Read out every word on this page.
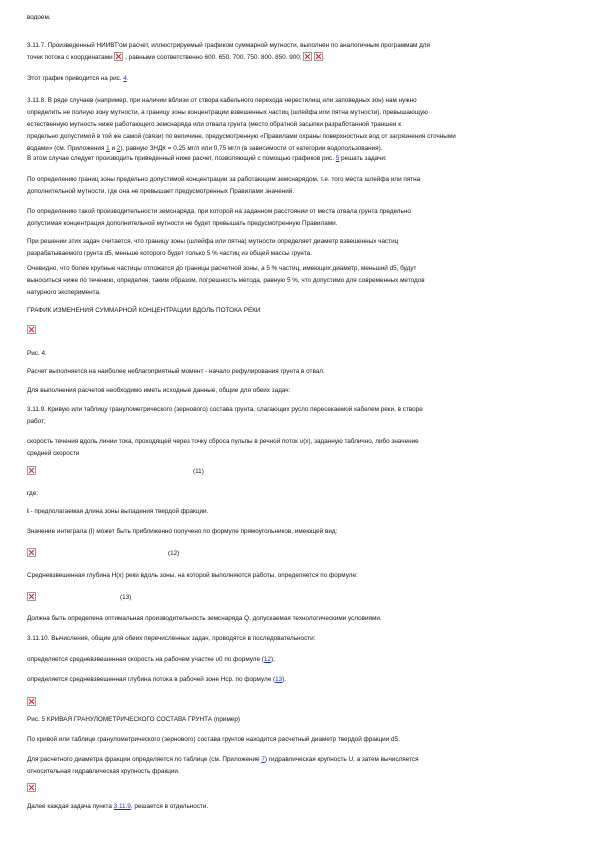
водоем.

3.11.7. Произведенный НИИВТ'ом расчет, иллюстрируемый графиком суммарной мутности, выполнен по аналогичным программам для
точек потока с координатами , равными соответственно 600. 650. 700. 750. 800. 850. 900;	.
Этот график приводится на рис. 4.
3.11.8. В ряде случаев (например, при наличии вблизи от створа кабельного перехода нерестилищ или заповедных зон) нам нужно
определить не полную зону мутности, а границу зоны концентрации взвешенных частиц (шлейфа или пятна мутности), превышающую
естественную мутность ниже работающего земснаряда или отвала грунта (место обратной засыпки разработанной траншеи к
предельно допустимой в той же самой (связи) по величине, предусмотренную «Правилами охраны поверхностных вод от загрязнения сточными
водами» (см. Приложения 1 и 2), равную ЗНДК = 0,25 мг/л или 0,75 мг/л (в зависимости от категории водопользования).
В этом случае следует производить приведенный ниже расчет, позволяющий с помощью графиков рис. 5 решать задачи:
По определению границ зоны предельно допустимой концентрации за работающим земснарядом, т.е. того места шлейфа или пятна
дополнительной мутности, где она не превышает предусмотренных Правилами значений.
По определению такой производительности земснаряда, при которой на заданном расстоянии от места отвала грунта предельно
допустимая концентрация дополнительной мутности не будет превышать предусмотренную Правилами.
При решении этих задач считается, что границу зоны (шлейфа или пятна) мутности определяет диаметр взвешенных частиц
разрабатываемого грунта d5, меньше которого будет только 5 % частиц из общей массы грунта.
Очевидно, что более крупные частицы отложатся до границы расчетной зоны, а 5 % частиц, имеющих диаметр, меньший d5, будут
выноситься ниже по течению, определяя, таким образом, погрешность метода, равную 5 %, что допустимо для современных методов
натурного эксперимента.
ГРАФИК ИЗМЕНЕНИЯ СУММАРНОЙ КОНЦЕНТРАЦИИ ВДОЛЬ ПОТОКА РЕКИ
Рис. 4.
Расчет выполняется на наиболее неблагоприятный момент - начало рефулирования грунта в отвал.
Для выполнения расчетов необходимо иметь исходные данные, общие для обеих задач:
3.11.9. Кривую или таблицу гранулометрического (зернового) состава грунта, слагающих русло пересекаемой кабелем реки, в створе
работ;
скорость течения вдоль линии тока, проходящей через точку сброса пульпы в речной поток υ(x), заданную таблично, либо значение
средней скорости
(11)
где:
i - предполагаемая длина зоны выпадения твердой фракции.
Значение интеграла (I) может быть приближенно получено по формуле прямоугольников, имеющей вид:
(12)
Средневзвешенная глубина H(x) реки вдоль зоны, на которой выполняются работы, определяется по формуле:
(13)
Должна быть определена оптимальная производительность земснаряда Q, допускаемая технологическими условиями.
3.11.10. Вычисления, общие для обеих перечисленных задач, проводятся в последовательности:
определяется средневзвешенная скорость на рабочем участке υ0 по формуле (12);
определяется средневзвешенная глубина потока в рабочей зоне Hср. по формуле (13).
Рис. 5 КРИВАЯ ГРАНУЛОМЕТРИЧЕСКОГО СОСТАВА ГРУНТА (пример)
По кривой или таблице гранулометрического (зернового) состава грунтов находится расчетный диаметр твердой фракции d5.
Для расчетного диаметра фракции определяется по таблице (см. Приложение 7) гидравлическая крупность U, а затем вычисляется
относительная гидравлическая крупность фракции.
Далее каждая задача пункта 3.11.9, решается в отдельности.
